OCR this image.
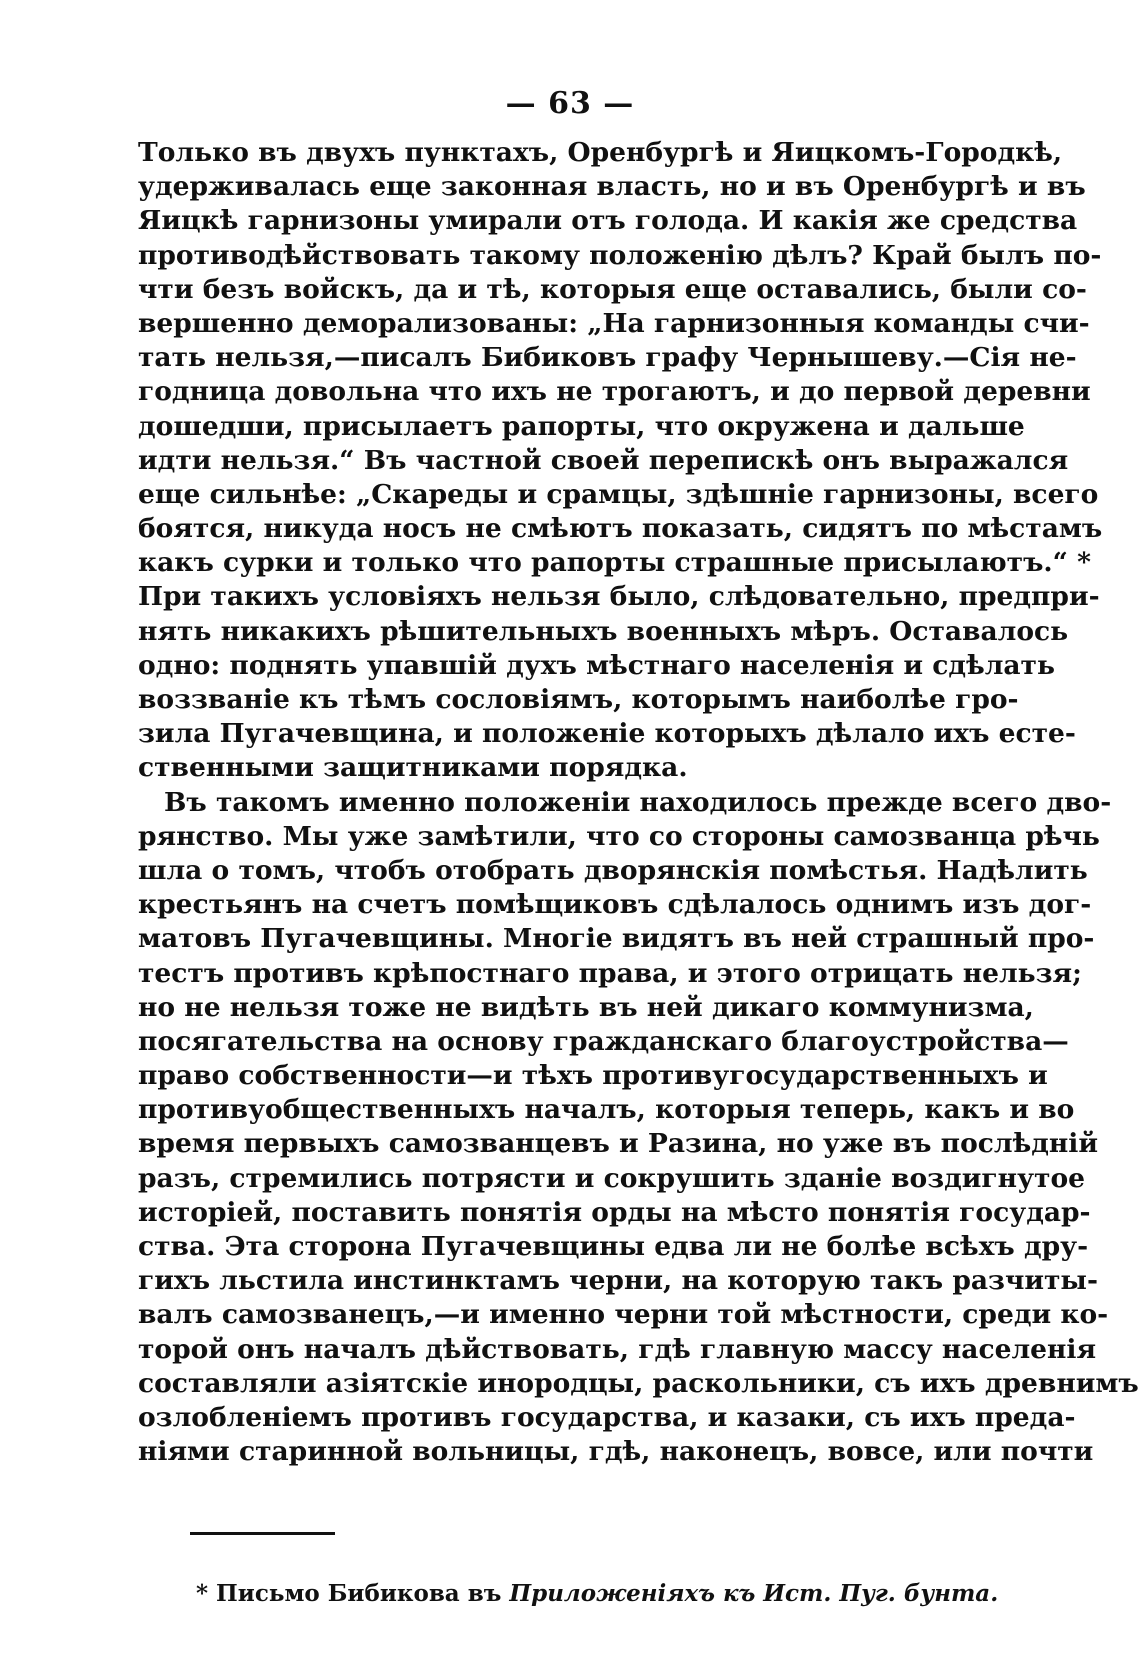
— 63 —
Только въ двухъ пунктахъ, Оренбургѣ и Яицкомъ-Городкѣ,
удерживалась еще законная власть, но и въ Оренбургѣ и въ
Яицкѣ гарнизоны умирали отъ голода. И какія же средства
противодѣйствовать такому положенію дѣлъ? Край былъ по-
чти безъ войскъ, да и тѣ, которыя еще оставались, были со-
вершенно деморализованы: „На гарнизонныя команды счи-
тать нельзя,—писалъ Бибиковъ графу Чернышеву.—Сія не-
годница довольна что ихъ не трогаютъ, и до первой деревни
дошедши, присылаетъ рапорты, что окружена и дальше
идти нельзя.“ Въ частной своей перепискѣ онъ выражался
еще сильнѣе: „Скареды и срамцы, здѣшніе гарнизоны, всего
боятся, никуда носъ не смѣютъ показать, сидятъ по мѣстамъ
какъ сурки и только что рапорты страшные присылаютъ.“ *
При такихъ условіяхъ нельзя было, слѣдовательно, предпри-
нять никакихъ рѣшительныхъ военныхъ мѣръ. Оставалось
одно: поднять упавшій духъ мѣстнаго населенія и сдѣлать
воззваніе къ тѣмъ сословіямъ, которымъ наиболѣе гро-
зила Пугачевщина, и положеніе которыхъ дѣлало ихъ есте-
ственными защитниками порядка.
Въ такомъ именно положеніи находилось прежде всего дво-
рянство. Мы уже замѣтили, что со стороны самозванца рѣчь
шла о томъ, чтобъ отобрать дворянскія помѣстья. Надѣлить
крестьянъ на счетъ помѣщиковъ сдѣлалось однимъ изъ дог-
матовъ Пугачевщины. Многіе видятъ въ ней страшный про-
тестъ противъ крѣпостнаго права, и этого отрицать нельзя;
но не нельзя тоже не видѣть въ ней дикаго коммунизма,
посягательства на основу гражданскаго благоустройства—
право собственности—и тѣхъ противугосударственныхъ и
противуобщественныхъ началъ, которыя теперь, какъ и во
время первыхъ самозванцевъ и Разина, но уже въ послѣдній
разъ, стремились потрясти и сокрушить зданіе воздигнутое
исторіей, поставить понятія орды на мѣсто понятія государ-
ства. Эта сторона Пугачевщины едва ли не болѣе всѣхъ дру-
гихъ льстила инстинктамъ черни, на которую такъ разчиты-
валъ самозванецъ,—и именно черни той мѣстности, среди ко-
торой онъ началъ дѣйствовать, гдѣ главную массу населенія
составляли азіятскіе инородцы, раскольники, съ ихъ древнимъ
озлобленіемъ противъ государства, и казаки, съ ихъ преда-
ніями старинной вольницы, гдѣ, наконецъ, вовсе, или почти
* Письмо Бибикова въ Приложеніяхъ къ Ист. Пуг. бунта.
